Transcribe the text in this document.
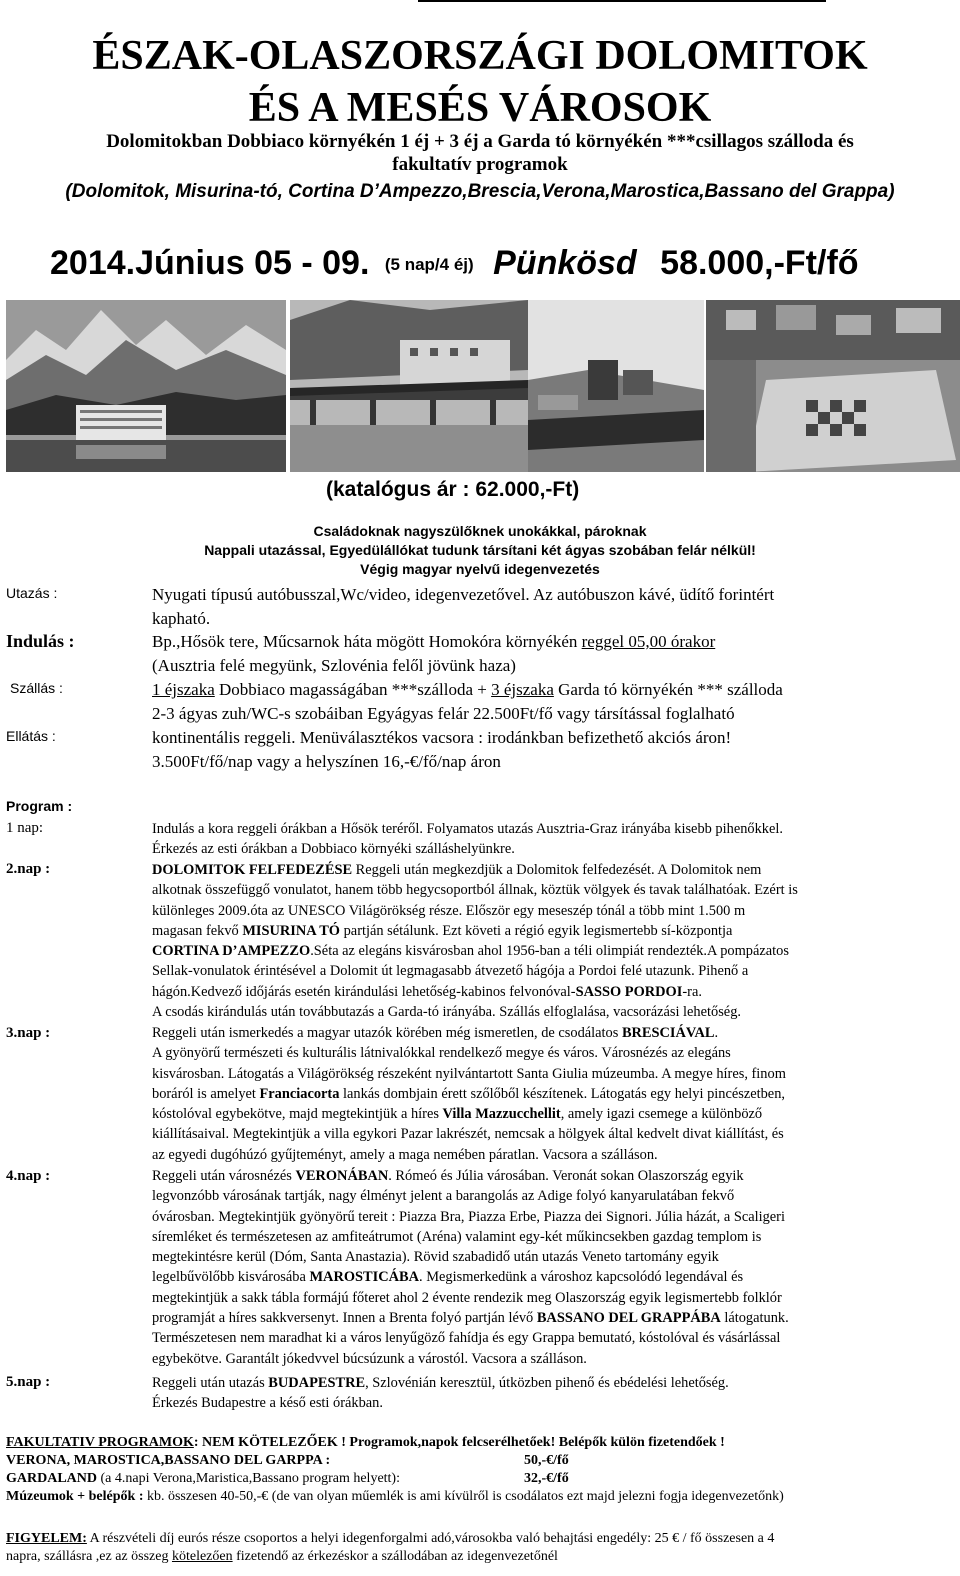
ÉSZAK-OLASZORSZÁGI DOLOMITOK
ÉS A MESÉS VÁROSOK
Dolomitokban Dobbiaco környékén 1 éj + 3 éj a Garda tó környékén ***csillagos szálloda és
fakultatív programok
(Dolomitok, Misurina-tó, Cortina D’Ampezzo,Brescia,Verona,Marostica,Bassano del Grappa)
2014.Június 05 - 09. (5 nap/4 éj) Pünkösd 58.000,-Ft/fő
(katalógus ár : 62.000,-Ft)
Családoknak nagyszülőknek unokákkal, pároknak
Nappali utazással, Egyedülállókat tudunk társítani két ágyas szobában felár nélkül!
Végig magyar nyelvű idegenvezetés
Utazás :	Nyugati típusú autóbusszal,Wc/video, idegenvezetővel. Az autóbuszon kávé, üdítő forintért
kapható.
Indulás :	Bp.,Hősök tere, Műcsarnok háta mögött Homokóra környékén reggel 05,00 órakor
(Ausztria felé megyünk, Szlovénia felől jövünk haza)
Szállás :	1 éjszaka Dobbiaco magasságában ***szálloda + 3 éjszaka Garda tó környékén *** szálloda
2-3 ágyas zuh/WC-s szobáiban Egyágyas felár 22.500Ft/fő vagy társítással foglalható
Ellátás :	kontinentális reggeli. Menüválasztékos vacsora : irodánkban befizethető akciós áron!
3.500Ft/fő/nap vagy a helyszínen 16,-€/fő/nap áron
Program :
1 nap:	Indulás a kora reggeli órákban a Hősök teréről. Folyamatos utazás Ausztria-Graz irányába kisebb pihenőkkel.
Érkezés az esti órákban a Dobbiaco környéki szálláshelyünkre.
2.nap :	DOLOMITOK FELFEDEZÉSE Reggeli után megkezdjük a Dolomitok felfedezését. A Dolomitok nem
alkotnak összefüggő vonulatot, hanem több hegycsoportból állnak, köztük völgyek és tavak találhatóak. Ezért is
különleges 2009.óta az UNESCO Világörökség része. Először egy meseszép tónál a több mint 1.500 m
magasan fekvő MISURINA TÓ partján sétálunk. Ezt követi a régió egyik legismertebb sí-központja
CORTINA D’AMPEZZO.Séta az elegáns kisvárosban ahol 1956-ban a téli olimpiát rendezték.A pompázatos
Sellak-vonulatok érintésével a Dolomit út legmagasabb átvezető hágója a Pordoi felé utazunk. Pihenő a
hágón.Kedvező időjárás esetén kirándulási lehetőség-kabinos felvonóval-SASSO PORDOI-ra.
A csodás kirándulás után továbbutazás a Garda-tó irányába. Szállás elfoglalása, vacsorázási lehetőség.
3.nap :	Reggeli után ismerkedés a magyar utazók körében még ismeretlen, de csodálatos BRESCIÁVAL.
A gyönyörű természeti és kulturális látnivalókkal rendelkező megye és város. Városnézés az elegáns
kisvárosban. Látogatás a Világörökség részeként nyilvántartott Santa Giulia múzeumba. A megye híres, finom
boráról is amelyet Franciacorta lankás dombjain érett szőlőből készítenek. Látogatás egy helyi pincészetben,
kóstolóval egybekötve, majd megtekintjük a híres Villa Mazzucchellit, amely igazi csemege a különböző
kiállításaival. Megtekintjük a villa egykori Pazar lakrészét, nemcsak a hölgyek által kedvelt divat kiállítást, és
az egyedi dugóhúzó gyűjteményt, amely a maga nemében páratlan. Vacsora a szálláson.
4.nap :	Reggeli után városnézés VERONÁBAN. Rómeó és Júlia városában. Veronát sokan Olaszország egyik
legvonzóbb városának tartják, nagy élményt jelent a barangolás az Adige folyó kanyarulatában fekvő
óvárosban. Megtekintjük gyönyörű tereit : Piazza Bra, Piazza Erbe, Piazza dei Signori. Júlia házát, a Scaligeri
síremléket és természetesen az amfiteátrumot (Aréna) valamint egy-két műkincsekben gazdag templom is
megtekintésre kerül (Dóm, Santa Anastazia). Rövid szabadidő után utazás Veneto tartomány egyik
legelbűvölőbb kisvárosába MAROSTICÁBA. Megismerkedünk a városhoz kapcsolódó legendával és
megtekintjük a sakk tábla formájú főteret ahol 2 évente rendezik meg Olaszország egyik legismertebb folklór
programját a híres sakkversenyt. Innen a Brenta folyó partján lévő BASSANO DEL GRAPPÁBA látogatunk.
Természetesen nem maradhat ki a város lenyűgöző fahídja és egy Grappa bemutató, kóstolóval és vásárlással
egybekötve. Garantált jókedvvel búcsúzunk a várostól. Vacsora a szálláson.
5.nap :	Reggeli után utazás BUDAPESTRE, Szlovénián keresztül, útközben pihenő és ebédelési lehetőség.
Érkezés Budapestre a késő esti órákban.
FAKULTATIV PROGRAMOK: NEM KÖTELEZŐEK ! Programok,napok felcserélhetőek! Belépők külön fizetendőek !
VERONA, MAROSTICA,BASSANO DEL GARPPA :	50,-€/fő
GARDALAND (a 4.napi Verona,Maristica,Bassano program helyett):	32,-€/fő
Múzeumok + belépők : kb. összesen 40-50,-€ (de van olyan műemlék is ami kívülről is csodálatos ezt majd jelezni fogja idegenvezetőnk)
FIGYELEM: A részvételi díj eurós része csoportos a helyi idegenforgalmi adó,városokba való behajtási engedély: 25 € / fő összesen a 4
napra, szállásra ,ez az összeg kötelezően fizetendő az érkezéskor a szállodában az idegenvezetőnél
